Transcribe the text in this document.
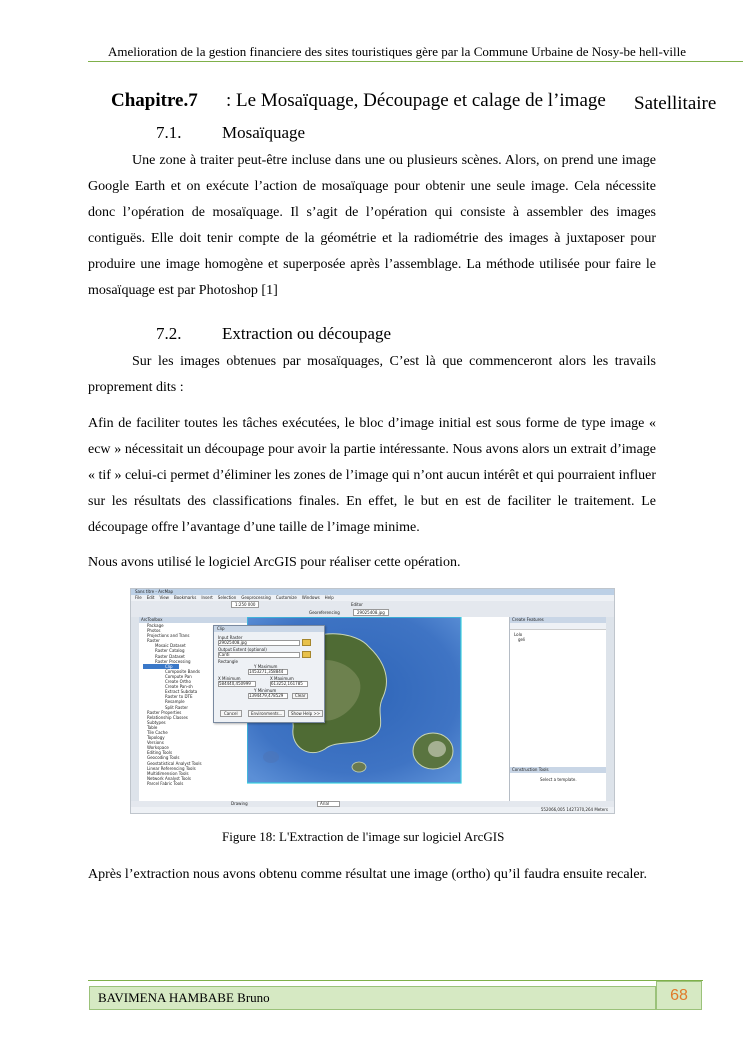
Amelioration de la gestion financiere des sites touristiques gère par la Commune Urbaine de Nosy-be hell-ville
Chapitre.7 : Le Mosaïquage, Découpage et calage de l’image Satellitaire
7.1. Mosaïquage
Une zone à traiter peut-être incluse dans une ou plusieurs scènes. Alors, on prend une image Google Earth et on exécute l’action de mosaïquage pour obtenir une seule image. Cela nécessite donc l’opération de mosaïquage. Il s’agit de l’opération qui consiste à assembler des images contiguës. Elle doit tenir compte de la géométrie et la radiométrie des images à juxtaposer pour produire une image homogène et superposée après l’assemblage. La méthode utilisée pour faire le mosaïquage est par Photoshop [1]
7.2. Extraction ou découpage
Sur les images obtenues par mosaïquages, C’est là que commenceront alors les travails proprement dits :
Afin de faciliter toutes les tâches exécutées, le bloc d’image initial est sous forme de type image « ecw » nécessitait un découpage pour avoir la partie intéressante. Nous avons alors un extrait d’image « tif » celui-ci permet d’éliminer les zones de l’image qui n’ont aucun intérêt et qui pourraient influer sur les résultats des classifications finales. En effet, le but en est de faciliter le traitement. Le découpage offre l’avantage d’une taille de l’image minime.
Nous avons utilisé le logiciel ArcGIS pour réaliser cette opération.
Sans titre - ArcMap
File Edit View Bookmarks Insert Selection Geoprocessing Customize Windows Help
1:250 000	Editor
Georeferencing	29025408.jpg
ArcToolbox
Package
Photos
Projections and Trans
Raster
Mosaic Dataset
Raster Catalog
Raster Dataset
Raster Processing
Clip
Composite Bands
Compute Pan
Create Ortho
Create Pan-sh
Extract Subdata
Raster to DTE
Resample
Split Raster
Raster Properties
Relationship Classes
Subtypes
Table
Tile Cache
Topology
Versions
Workspace
Editing Tools
Geocoding Tools
Geostatistical Analyst Tools
Linear Referencing Tools
Multidimension Tools
Network Analyst Tools
Parcel Fabric Tools
Clip
Input Raster
29025408.jpg
Output Extent (optional)
Cardi
Rectangle
Y Maximum
1453271,358844
X Minimum
584440,450999
X Maximum
613252,161785
Y Minimum
1394479,478529	Clear
Cancel	Environments...	Show Help >>
Create Features
Lolo
geli
Construction Tools
Select a template.
Drawing	Arial
552066,005 1427370,264 Meters
Figure 18: L'Extraction de l'image sur logiciel ArcGIS
Après l’extraction nous avons obtenu comme résultat une image (ortho) qu’il faudra ensuite recaler.
BAVIMENA HAMBABE Bruno	68
